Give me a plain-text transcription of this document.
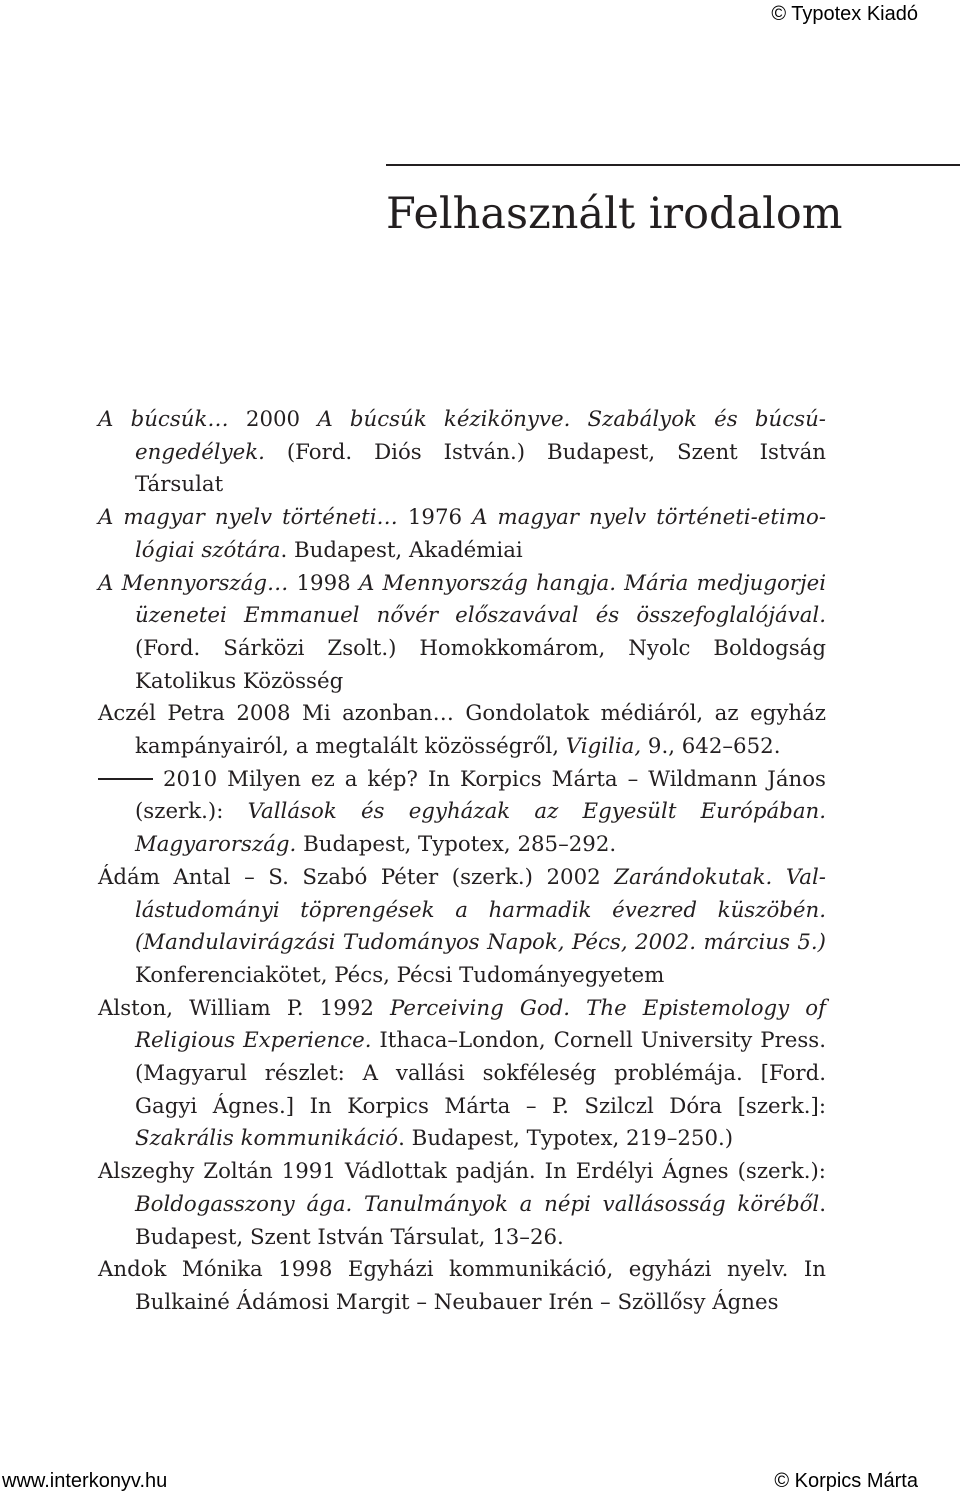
© Typotex Kiadó
Felhasznált irodalom
A búcsúk… 2000 A búcsúk kézikönyve. Szabályok és búcsúengedélyek. (Ford. Diós István.) Budapest, Szent István Társulat
A magyar nyelv történeti… 1976 A magyar nyelv történeti-etimológiai szótára. Budapest, Akadémiai
A Mennyország… 1998 A Mennyország hangja. Mária medjugorjei üzenetei Emmanuel nővér előszavával és összefoglalójával. (Ford. Sárközi Zsolt.) Homokkomárom, Nyolc Boldogság Katolikus Közösség
Aczél Petra 2008 Mi azonban… Gondolatok médiáról, az egyház kampányairól, a megtalált közösségről, Vigilia, 9., 642–652.
2010 Milyen ez a kép? In Korpics Márta – Wildmann János (szerk.): Vallások és egyházak az Egyesült Európában. Magyarország. Budapest, Typotex, 285–292.
Ádám Antal – S. Szabó Péter (szerk.) 2002 Zarándokutak. Vallástudományi töprengések a harmadik évezred küszöbén. (Mandulavirágzási Tudományos Napok, Pécs, 2002. március 5.) Konferenciakötet, Pécs, Pécsi Tudományegyetem
Alston, William P. 1992 Perceiving God. The Epistemology of Religious Experience. Ithaca–London, Cornell University Press. (Magyarul részlet: A vallási sokféleség problémája. [Ford. Gagyi Ágnes.] In Korpics Márta – P. Szilczl Dóra [szerk.]: Szakrális kommunikáció. Budapest, Typotex, 219–250.)
Alszeghy Zoltán 1991 Vádlottak padján. In Erdélyi Ágnes (szerk.): Boldogasszony ága. Tanulmányok a népi vallásosság köréből. Budapest, Szent István Társulat, 13–26.
Andok Mónika 1998 Egyházi kommunikáció, egyházi nyelv. In Bulkainé Ádámosi Margit – Neubauer Irén – Szöllősy Ágnes
www.interkonyv.hu	© Korpics Márta
